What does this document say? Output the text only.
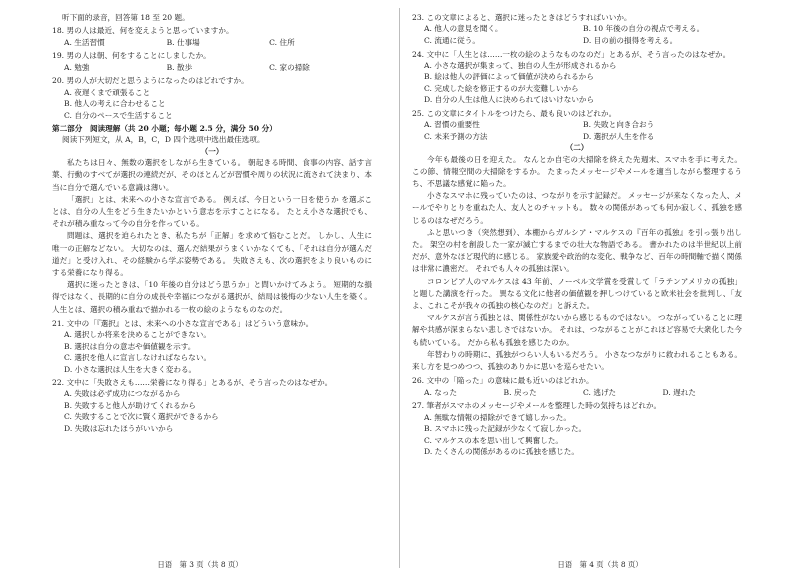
听下面的录音，回答第 18 至 20 题。
18. 男の人は最近、何を変えようと思っていますか。
A. 生活習慣	B. 仕事場	C. 住所
19. 男の人は朝、何をすることにしましたか。
A. 勉強	B. 散歩	C. 家の掃除
20. 男の人が大切だと思うようになったのはどれですか。
A. 夜遅くまで頑張ること
B. 他人の考えに合わせること
C. 自分のペースで生活すること
第二部分　阅读理解（共 20 小题；每小题 2.5 分，满分 50 分）
阅读下列短文，从 A，B，C，D 四个选项中选出最佳选项。
（一）
私たちは日々、無数の選択をしながら生きている。 朝起きる時間、食事の内容、話す言葉、行動のすべてが選択の連続だが、そのほとんどが習慣や周りの状況に流されて決まり、本当に自分で選んでいる意識は薄い。
「選択」とは、未来への小さな宣言である。 例えば、今日という一日を使うか を選ぶことは、自分の人生をどう生きたいかという意志を示すことになる。 たとえ小さな選択でも、それが積み重なって今の自分を作っている。
問題は、選択を迫られたとき、私たちが「正解」を求めて悩むことだ。 しかし、人生に唯一の正解などない。 大切なのは、選んだ結果がうまくいかなくても、「それは自分が選んだ道だ」と受け入れ、その経験から学ぶ姿勢である。 失敗さえも、次の選択をより良いものにする栄養になり得る。
選択に迷ったときは、「10 年後の自分はどう思うか」と問いかけてみよう。 短期的な損得ではなく、長期的に自分の成長や幸福につながる選択が、結局は後悔の少ない人生を築く。 人生とは、選択の積み重ねで描かれる一枚の絵のようなものなのだ。
21. 文中の「『選択』とは、未来への小さな宣言である」はどういう意味か。
A. 選択しか将来を決めることができない。
B. 選択は自分の意志や価値観を示す。
C. 選択を他人に宣言しなければならない。
D. 小さな選択は人生を大きく変わる。
22. 文中に「失敗さえも……栄養になり得る」とあるが、そう言ったのはなぜか。
A. 失敗は必ず成功につながるから
B. 失敗すると他人が助けてくれるから
C. 失敗することで次に賢く選択ができるから
D. 失敗は忘れたほうがいいから
日语　第 3 页（共 8 页）
23. この文章によると、選択に迷ったときはどうすればいいか。
A. 他人の意見を聞く。	B. 10 年後の自分の視点で考える。
C. 流通に従う。	D. 目の前の損得を考える。
24. 文中に「人生とは……一枚の絵のようなものなのだ」とあるが、そう言ったのはなぜか。
A. 小さな選択が集まって、独自の人生が形成されるから
B. 絵は他人の評価によって価値が決められるから
C. 完成した絵を修正するのが大変難しいから
D. 自分の人生は他人に決められてはいけないから
25. この文章にタイトルをつけたら、最も良いのはどれか。
A. 習慣の重要性	B. 失敗と向き合おう
C. 未来予測の方法	D. 選択が人生を作る
（二）
今年も最後の日を迎えた。 なんとか自宅の大掃除を終えた先週末、スマホを手に考えた。 この節、情報空間の大掃除をするか。 たまったメッセージやメールを適当しながら整理するうち、不思議な感覚に陥った。
小さなスマホに残っていたのは、つながりを示す記録だ。 メッセージが来なくなった人、メールでやりとりを重ねた人、友人とのチャットも。 数々の関係があっても何か寂しく、孤独を感じるのはなぜだろう。
ふと思いつき（突然想到）、本棚からガルシア・マルケスの『百年の孤独』を引っ張り出した。 架空の村を創設した一家が滅亡するまでの壮大な物語である。 書かれたのは半世紀以上前だが、意外なほど現代的に感じる。 家族愛や政治的な変化、戦争など、百年の時間軸で描く関係は非常に濃密だ。 それでも人々の孤独は深い。
コロンビア人のマルケスは 43 年前、ノーベル文学賞を受賞して「ラテンアメリカの孤独」と題した講演を行った。 異なる文化に他者の価値観を押しつけていると欧米社会を批判し、「友よ、これこそが我々の孤独の核心なのだ」と訴えた。
マルケスが言う孤独とは、関係性がないから感じるものではない。 つながっていることに理解や共感が深まらない悲しさではないか。 それは、つながることがこれほど容易で大衆化した今も続いている。 だから私も孤独を感じたのか。
年替わりの時期に、孤独がつらい人もいるだろう。 小さなつながりに救われることもある。 来し方を見つめつつ、孤独のありかに思いを巡らせたい。
26. 文中の「陥った」の意味に最も近いのはどれか。
A. なった	B. 戻った	C. 逃げた	D. 遅れた
27. 筆者がスマホのメッセージやメールを整理した時の気持ちはどれか。
A. 無駄な情報の掃除ができて嬉しかった。
B. スマホに残った記録が少なくて寂しかった。
C. マルケスの本を思い出して興奮した。
D. たくさんの関係があるのに孤独を感じた。
日语　第 4 页（共 8 页）
